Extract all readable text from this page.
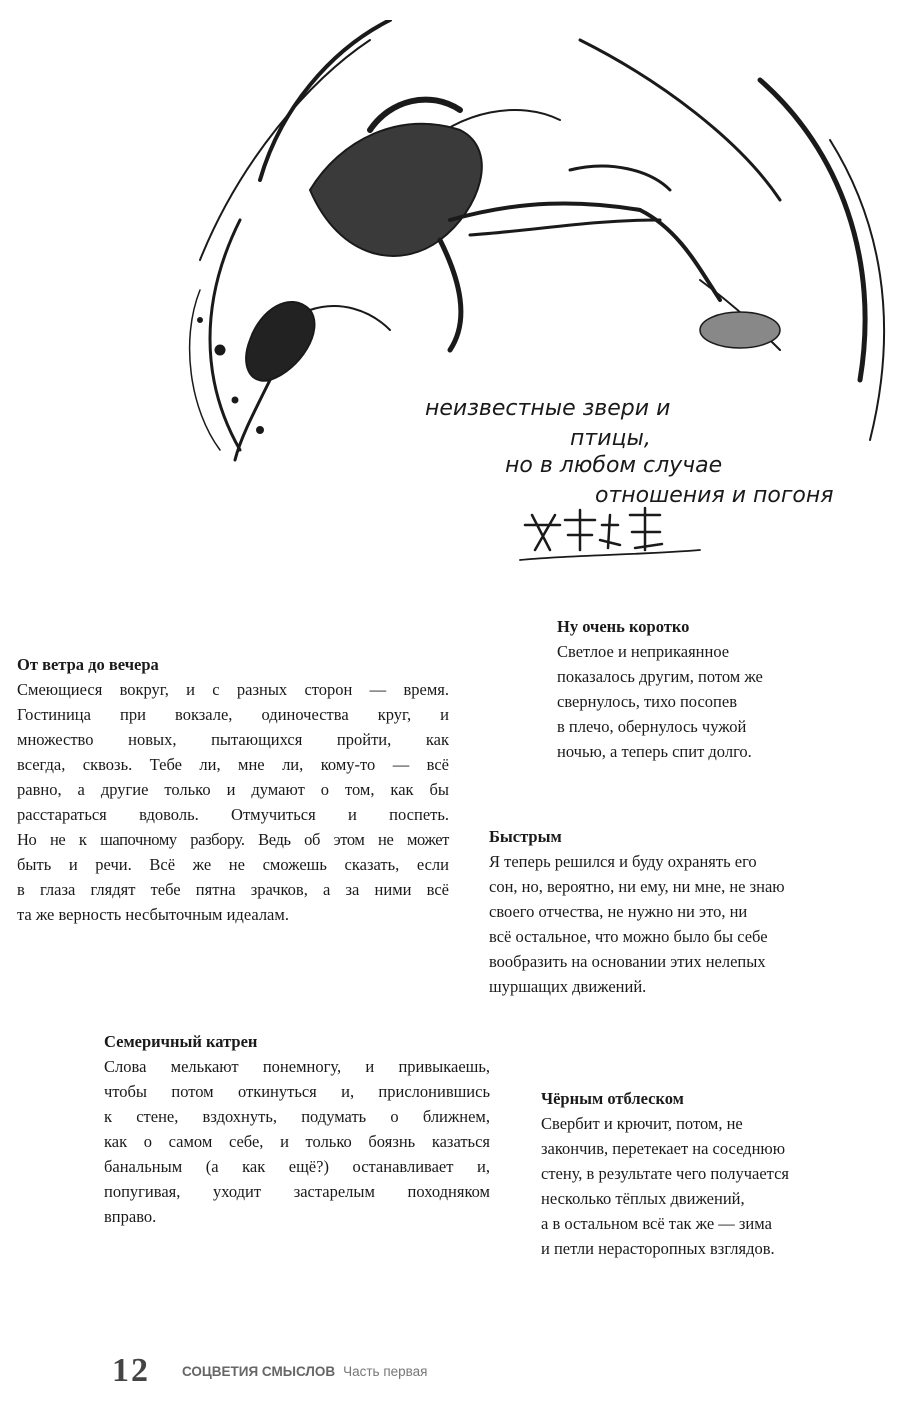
неизвестные звери и
птицы,
но в любом случае
отношения и погоня
От ветра до вечера
Смеющиеся вокруг, и с разных сторон — время.
Гостиница при вокзале, одиночества круг, и
множество новых, пытающихся пройти, как
всегда, сквозь. Тебе ли, мне ли, кому-то — всё
равно, а другие только и думают о том, как бы
расстараться вдоволь. Отмучиться и поспеть.
Но не к шапочному разбору. Ведь об этом не может
быть и речи. Всё же не сможешь сказать, если
в глаза глядят тебе пятна зрачков, а за ними всё
та же верность несбыточным идеалам.
Ну очень коротко
Светлое и неприкаянное
показалось другим, потом же
свернулось, тихо посопев
в плечо, обернулось чужой
ночью, а теперь спит долго.
Быстрым
Я теперь решился и буду охранять его
сон, но, вероятно, ни ему, ни мне, не знаю
своего отчества, не нужно ни это, ни
всё остальное, что можно было бы себе
вообразить на основании этих нелепых
шуршащих движений.
Семеричный катрен
Слова мелькают понемногу, и привыкаешь,
чтобы потом откинуться и, прислонившись
к стене, вздохнуть, подумать о ближнем,
как о самом себе, и только боязнь казаться
банальным (а как ещё?) останавливает и,
попугивая, уходит застарелым походняком
вправо.
Чёрным отблеском
Свербит и крючит, потом, не
закончив, перетекает на соседнюю
стену, в результате чего получается
несколько тёплых движений,
а в остальном всё так же — зима
и петли нерасторопных взглядов.
12 СОЦВЕТИЯ СМЫСЛОВ Часть первая
